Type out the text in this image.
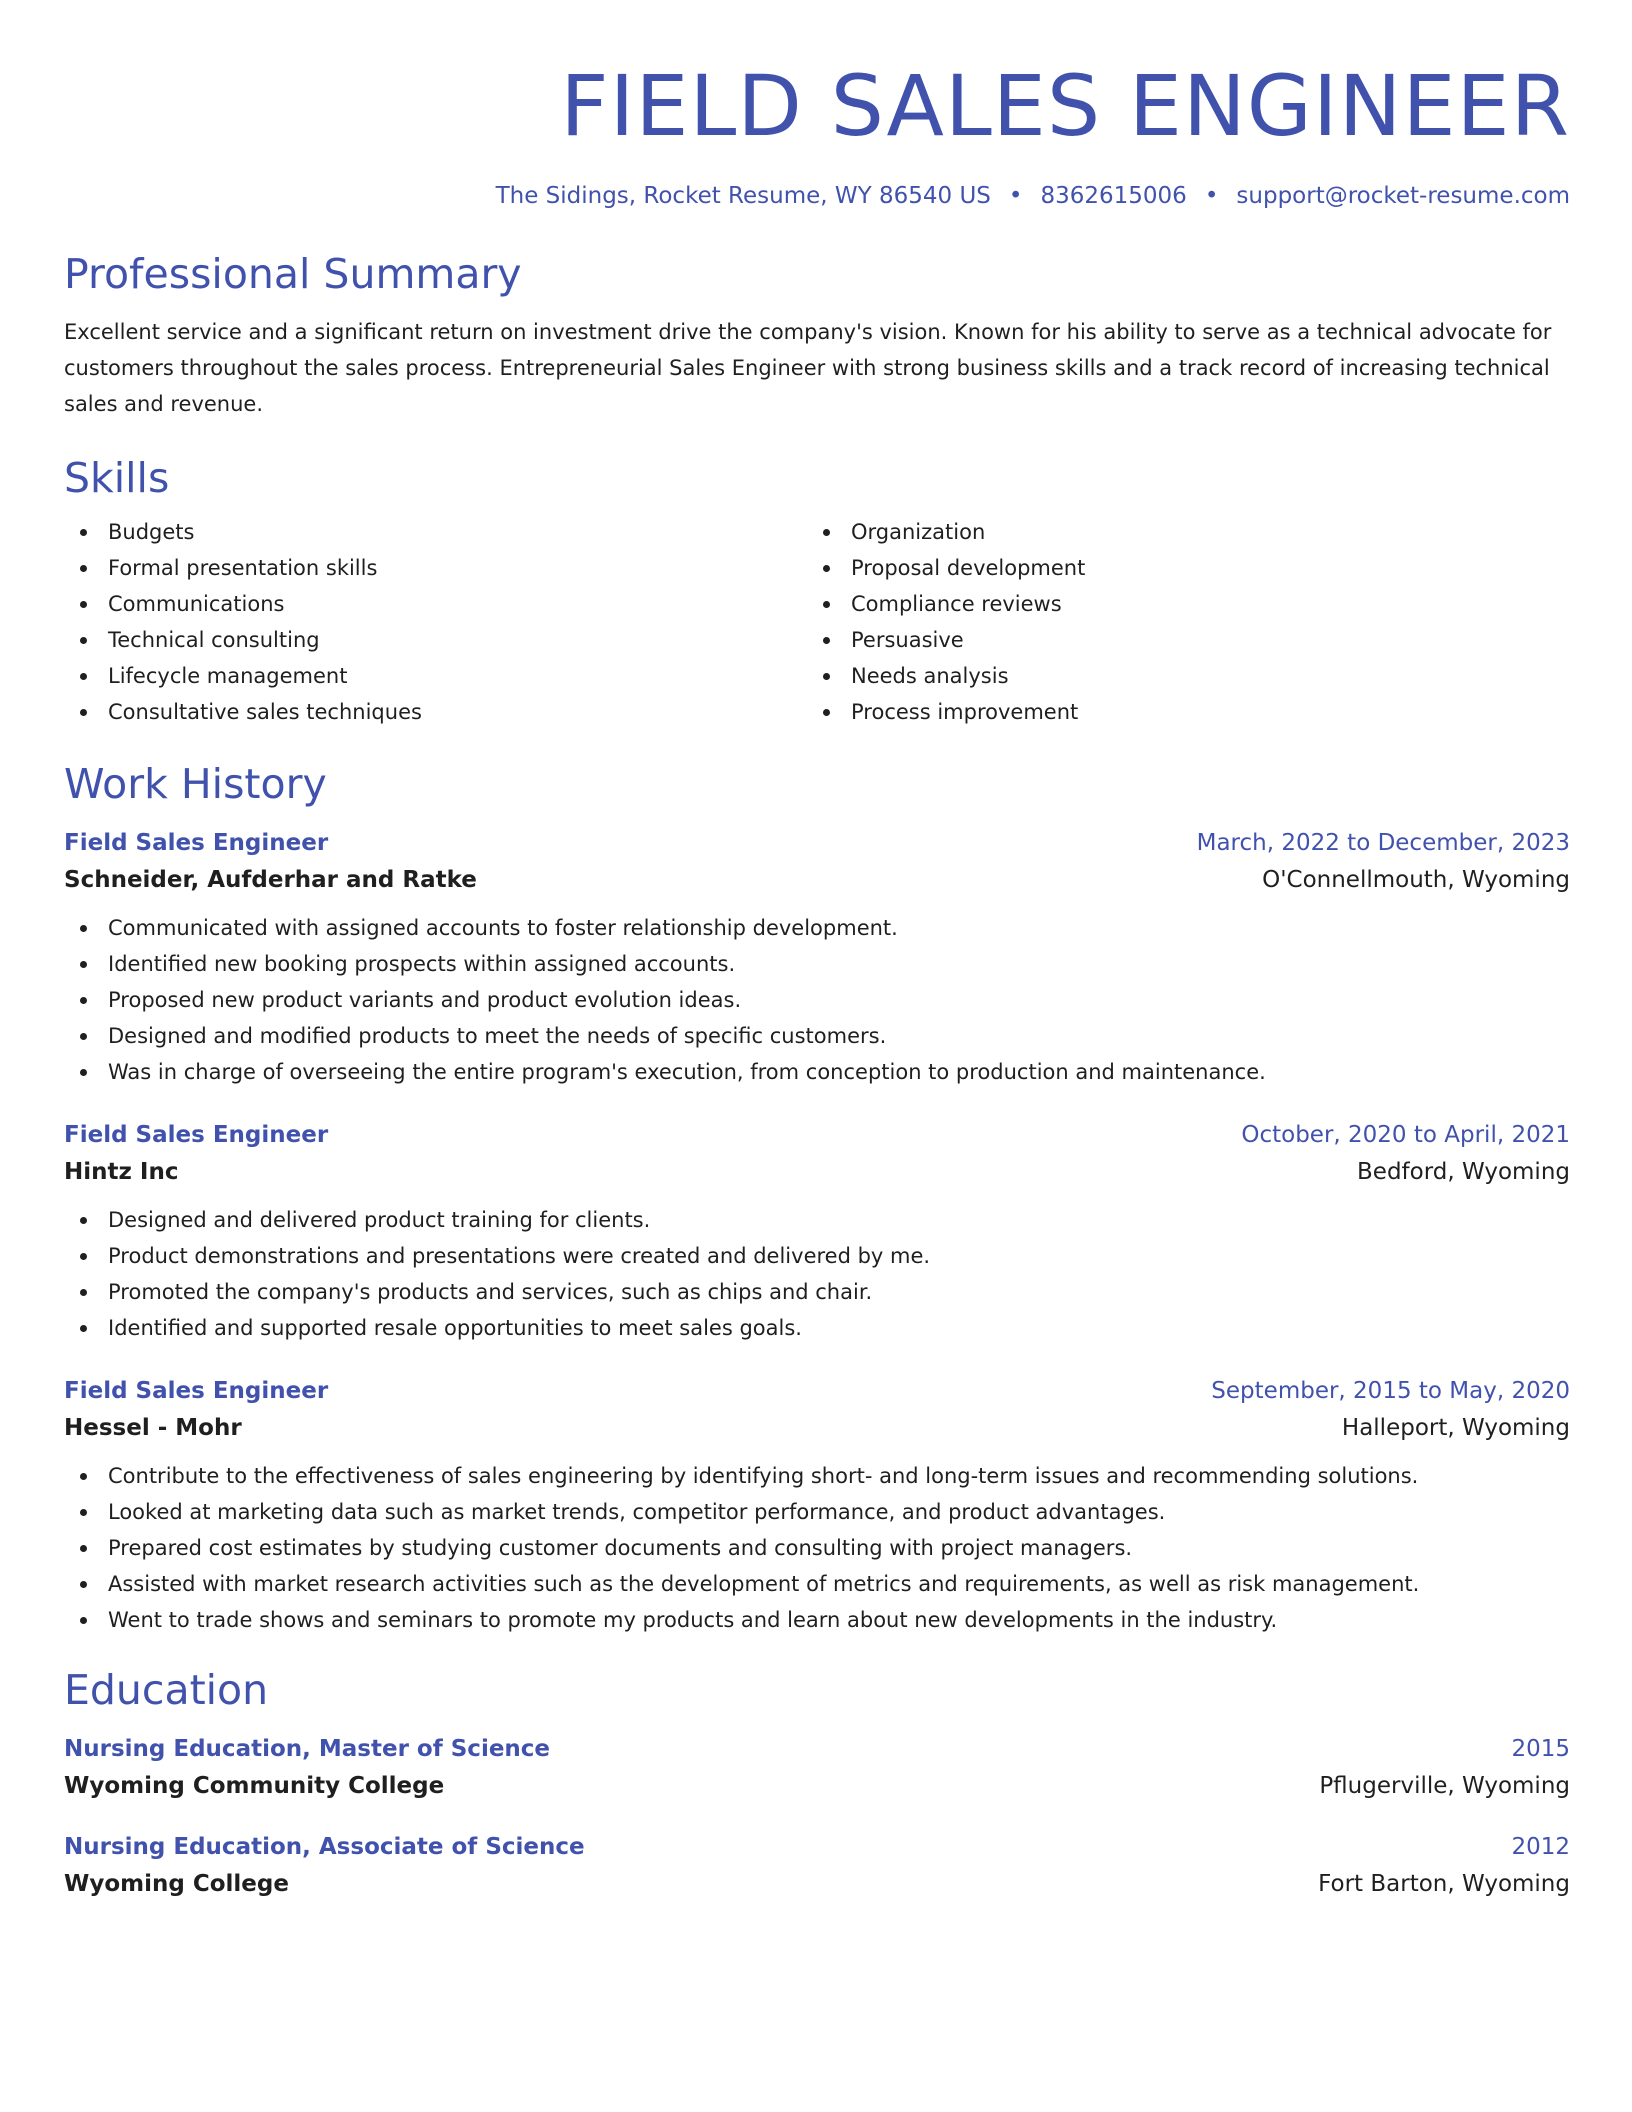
FIELD SALES ENGINEER
The Sidings, Rocket Resume, WY 86540 US • 8362615006 • support@rocket-resume.com
Professional Summary
Excellent service and a significant return on investment drive the company's vision. Known for his ability to serve as a technical advocate for customers throughout the sales process. Entrepreneurial Sales Engineer with strong business skills and a track record of increasing technical sales and revenue.
Skills
Budgets
Formal presentation skills
Communications
Technical consulting
Lifecycle management
Consultative sales techniques
Organization
Proposal development
Compliance reviews
Persuasive
Needs analysis
Process improvement
Work History
Field Sales Engineer	March, 2022 to December, 2023
Schneider, Aufderhar and Ratke	O'Connellmouth, Wyoming
Communicated with assigned accounts to foster relationship development.
Identified new booking prospects within assigned accounts.
Proposed new product variants and product evolution ideas.
Designed and modified products to meet the needs of specific customers.
Was in charge of overseeing the entire program's execution, from conception to production and maintenance.
Field Sales Engineer	October, 2020 to April, 2021
Hintz Inc	Bedford, Wyoming
Designed and delivered product training for clients.
Product demonstrations and presentations were created and delivered by me.
Promoted the company's products and services, such as chips and chair.
Identified and supported resale opportunities to meet sales goals.
Field Sales Engineer	September, 2015 to May, 2020
Hessel - Mohr	Halleport, Wyoming
Contribute to the effectiveness of sales engineering by identifying short- and long-term issues and recommending solutions.
Looked at marketing data such as market trends, competitor performance, and product advantages.
Prepared cost estimates by studying customer documents and consulting with project managers.
Assisted with market research activities such as the development of metrics and requirements, as well as risk management.
Went to trade shows and seminars to promote my products and learn about new developments in the industry.
Education
Nursing Education, Master of Science	2015
Wyoming Community College	Pflugerville, Wyoming
Nursing Education, Associate of Science	2012
Wyoming College	Fort Barton, Wyoming
